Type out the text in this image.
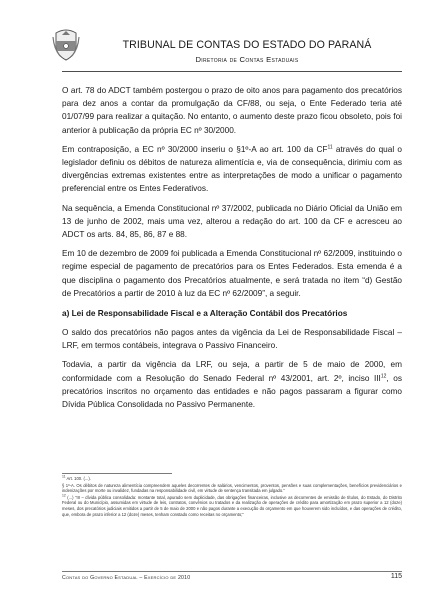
TRIBUNAL DE CONTAS DO ESTADO DO PARANÁ
Diretoria de Contas Estaduais

O art. 78 do ADCT também postergou o prazo de oito anos para pagamento dos precatórios para dez anos a contar da promulgação da CF/88, ou seja, o Ente Federado teria até 01/07/99 para realizar a quitação. No entanto, o aumento deste prazo ficou obsoleto, pois foi anterior à publicação da própria EC nº 30/2000.

Em contraposição, a EC nº 30/2000 inseriu o §1º-A ao art. 100 da CF$^{11}$ através do qual o legislador definiu os débitos de natureza alimentícia e, via de consequência, dirimiu com as divergências extremas existentes entre as interpretações de modo a unificar o pagamento preferencial entre os Entes Federativos.

Na sequência, a Emenda Constitucional nº 37/2002, publicada no Diário Oficial da União em 13 de junho de 2002, mais uma vez, alterou a redação do art. 100 da CF e acresceu ao ADCT os arts. 84, 85, 86, 87 e 88.

Em 10 de dezembro de 2009 foi publicada a Emenda Constitucional nº 62/2009, instituindo o regime especial de pagamento de precatórios para os Entes Federados. Esta emenda é a que disciplina o pagamento dos Precatórios atualmente, e será tratada no item “d) Gestão de Precatórios a partir de 2010 à luz da EC nº 62/2009”, a seguir.

a) Lei de Responsabilidade Fiscal e a Alteração Contábil dos Precatórios

O saldo dos precatórios não pagos antes da vigência da Lei de Responsabilidade Fiscal – LRF, em termos contábeis, integrava o Passivo Financeiro.

Todavia, a partir da vigência da LRF, ou seja, a partir de 5 de maio de 2000, em conformidade com a Resolução do Senado Federal nº 43/2001, art. 2º, inciso III$^{12}$, os precatórios inscritos no orçamento das entidades e não pagos passaram a figurar como Dívida Pública Consolidada no Passivo Permanente.

$^{11}$ Art. 100. (...).

§ 1º-A. Os débitos de natureza alimentícia compreendem aqueles decorrentes de salários, vencimentos, proventos, pensões e suas complementações, benefícios previdenciários e indenizações por morte ou invalidez, fundadas na responsabilidade civil, em virtude de sentença transitada em julgado.”

$^{12}$ (...) “III – dívida pública consolidada: montante total, apurado sem duplicidade, das obrigações financeiras, inclusive as decorrentes de emissão de títulos, do Estado, do Distrito Federal ou do Município, assumidas em virtude de leis, contratos, convênios ou tratados e da realização de operações de crédito para amortização em prazo superior a 12 (doze) meses, dos precatórios judiciais emitidos a partir de 5 de maio de 2000 e não pagos durante a execução do orçamento em que houverem sido incluídos, e das operações de crédito, que, embora de prazo inferior a 12 (doze) meses, tenham constado como receitas no orçamento;”

Contas do Governo Estadual – Exercício de 2010	115
